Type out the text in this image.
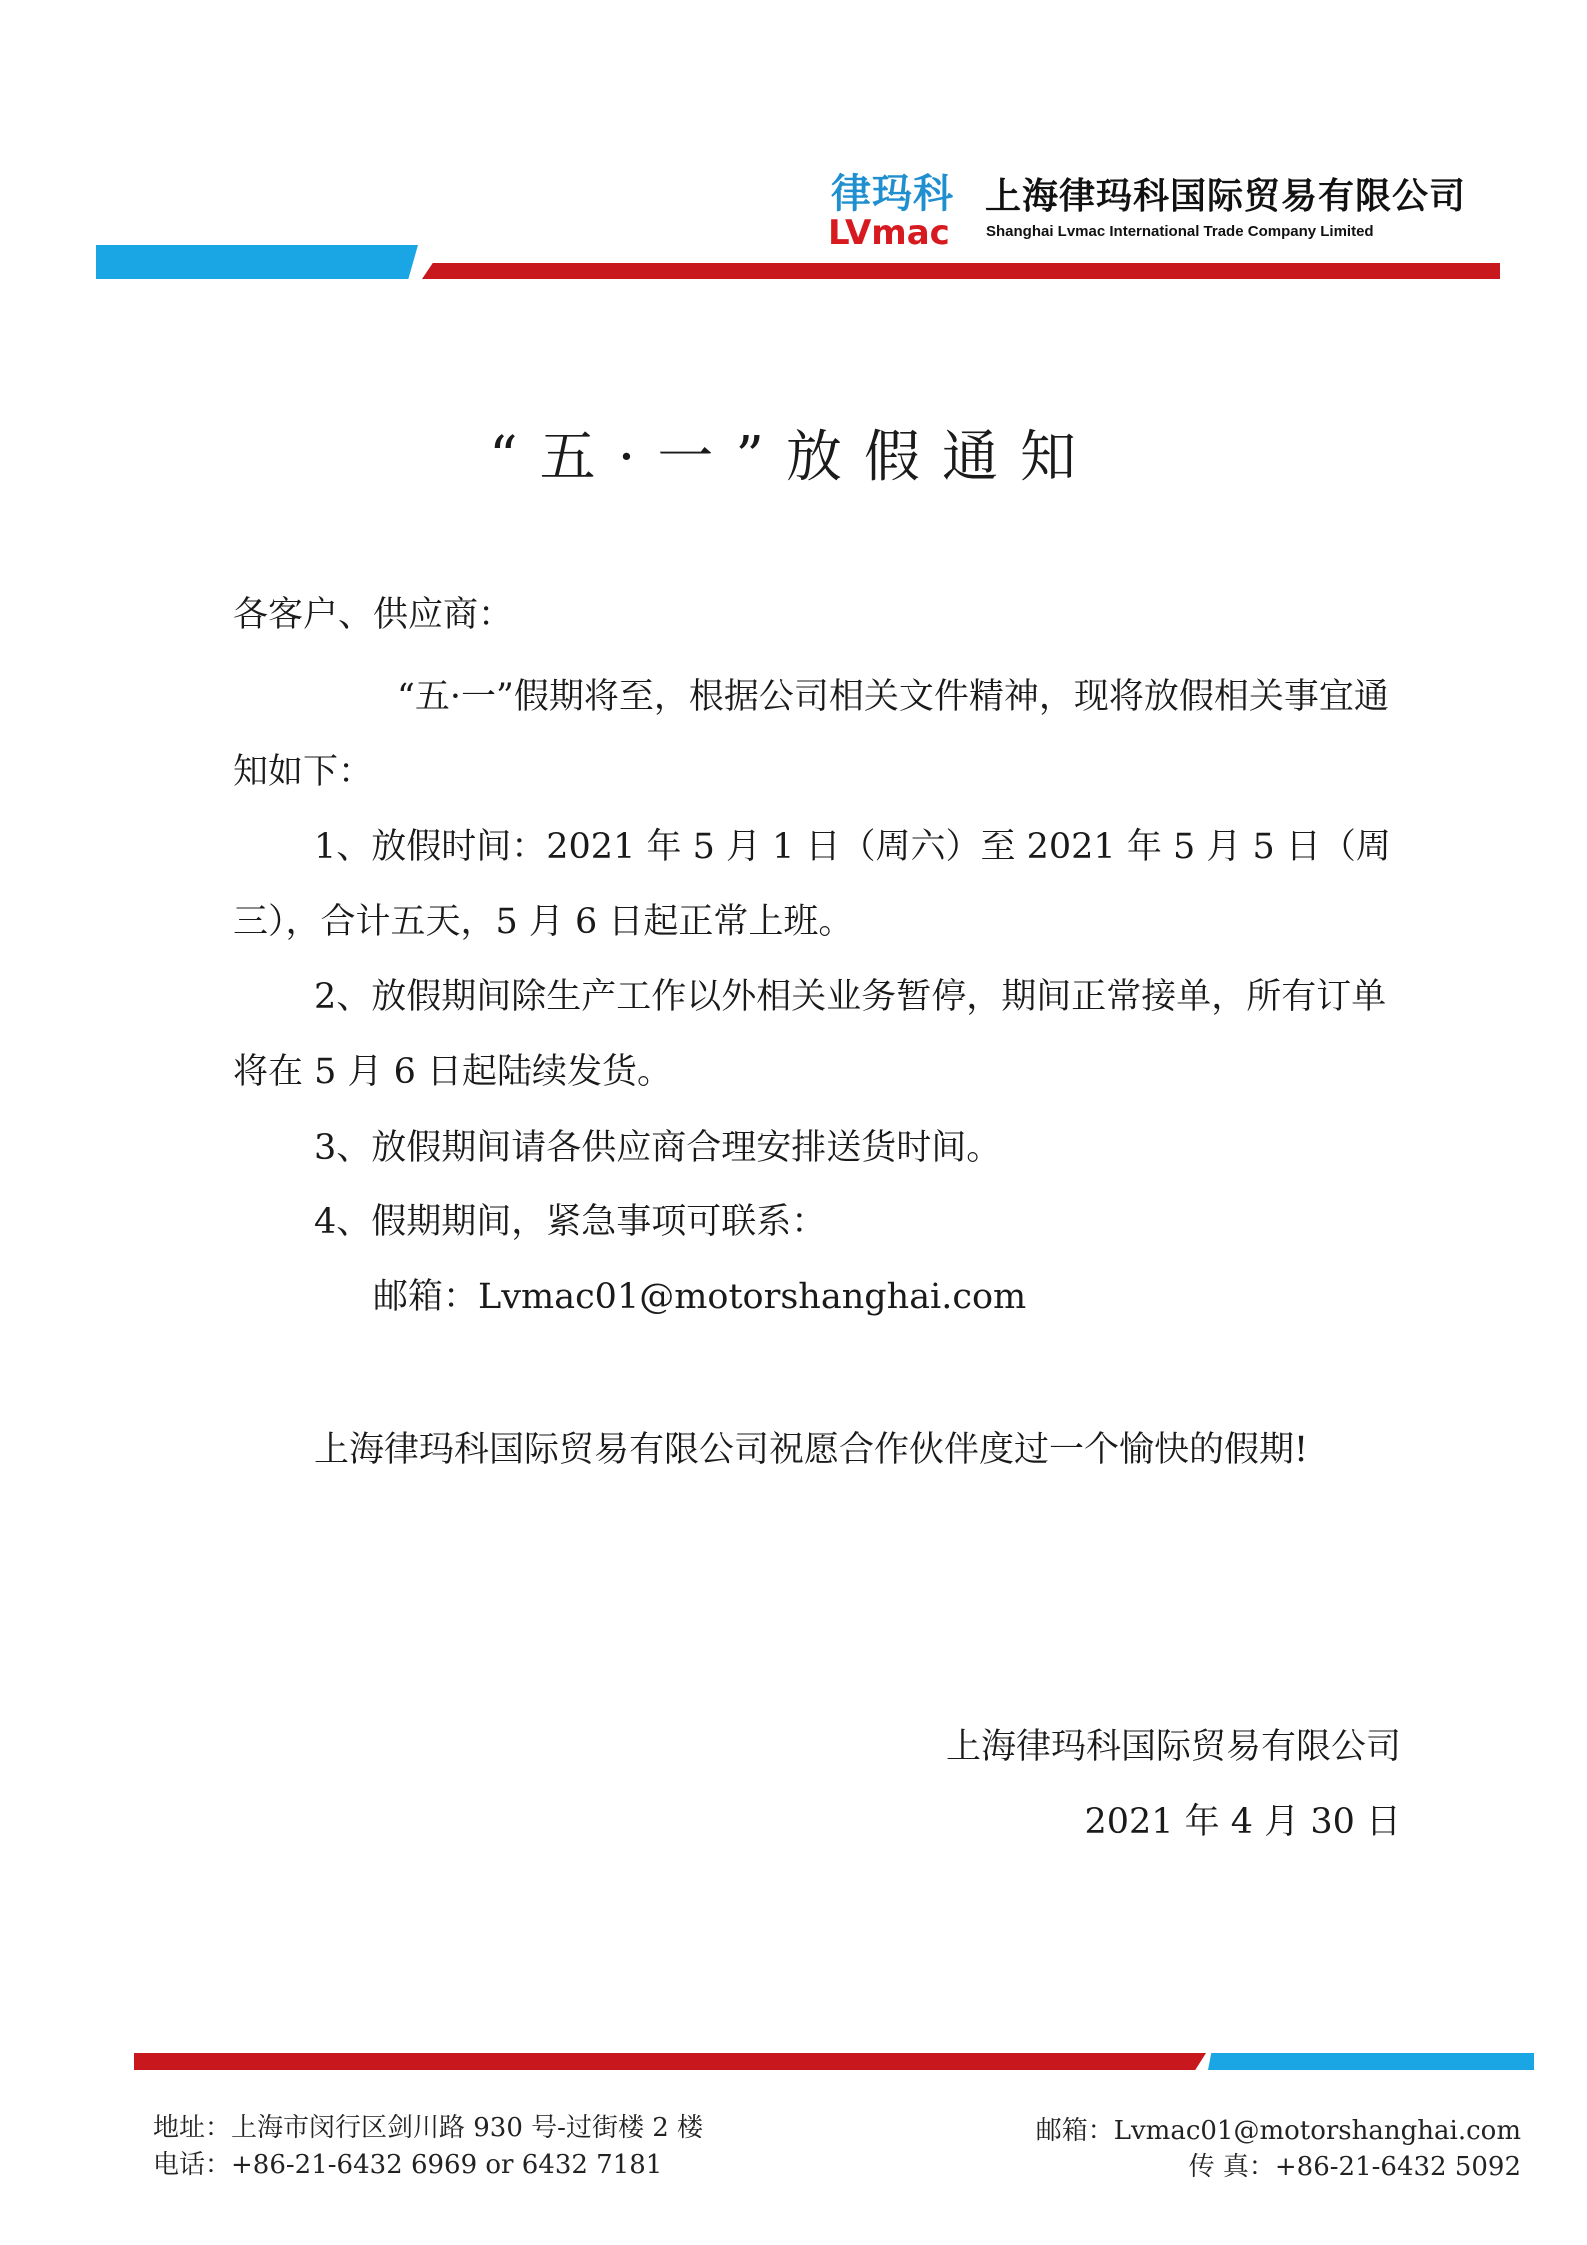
律玛科
LVmac
上海律玛科国际贸易有限公司
Shanghai Lvmac International Trade Company Limited
“五·一”放假通知
各客户、供应商：
“五·一”假期将至，根据公司相关文件精神，现将放假相关事宜通知如下：
1、放假时间：2021 年 5 月 1 日（周六）至 2021 年 5 月 5 日（周三），合计五天，5 月 6 日起正常上班。
2、放假期间除生产工作以外相关业务暂停，期间正常接单，所有订单将在 5 月 6 日起陆续发货。
3、放假期间请各供应商合理安排送货时间。
4、假期期间，紧急事项可联系：
邮箱：Lvmac01@motorshanghai.com
上海律玛科国际贸易有限公司祝愿合作伙伴度过一个愉快的假期!
上海律玛科国际贸易有限公司
2021 年 4 月 30 日
地址：上海市闵行区剑川路 930 号-过街楼 2 楼
电话：+86-21-6432 6969 or 6432 7181
邮箱：Lvmac01@motorshanghai.com
传 真：+86-21-6432 5092
